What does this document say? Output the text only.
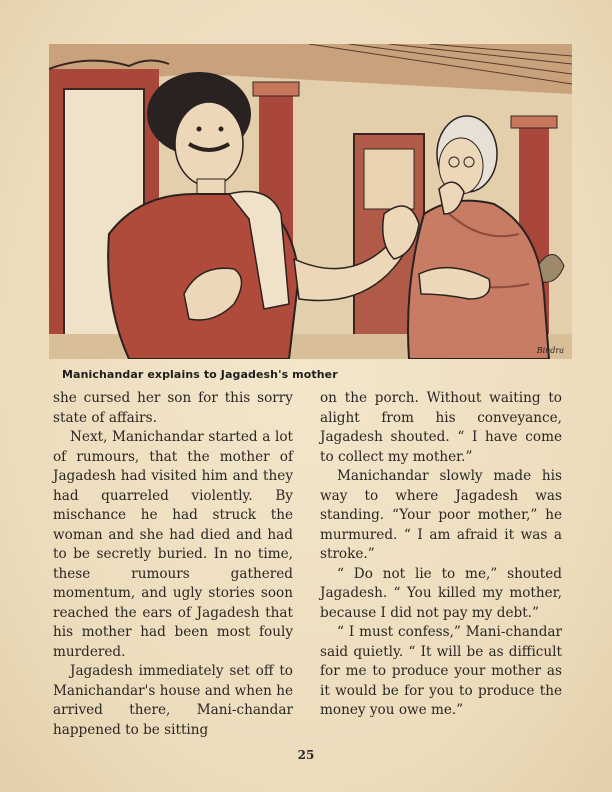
Bindra
Manichandar explains to Jagadesh's mother

she cursed her son for this sorry state of affairs.

Next, Manichandar started a lot of rumours, that the mother of Jagadesh had visited him and they had quarreled violently. By mischance he had struck the woman and she had died and had to be secretly buried. In no time, these rumours gathered momentum, and ugly stories soon reached the ears of Jagadesh that his mother had been most fouly murdered.

Jagadesh immediately set off to Manichandar's house and when he arrived there, Mani-chandar happened to be sitting

on the porch. Without waiting to alight from his conveyance, Jagadesh shouted. “ I have come to collect my mother.”

Manichandar slowly made his way to where Jagadesh was standing. “Your poor mother,” he murmured. “ I am afraid it was a stroke.”

“ Do not lie to me,” shouted Jagadesh. “ You killed my mother, because I did not pay my debt.”

“ I must confess,” Mani-chandar said quietly. “ It will be as difficult for me to produce your mother as it would be for you to produce the money you owe me.”

25
